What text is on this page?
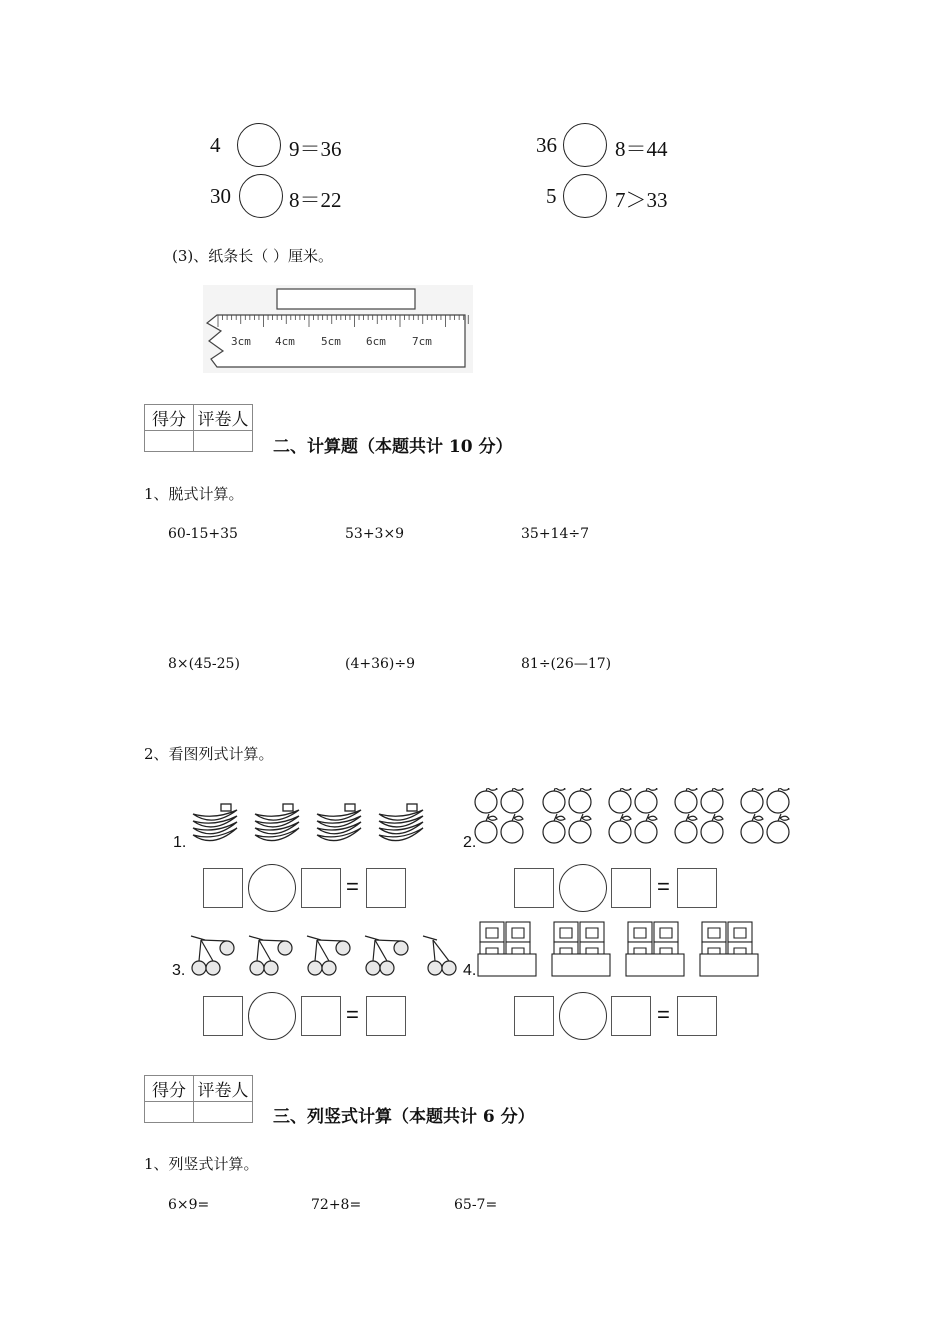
4	9＝36	36	8＝44
30	8＝22	5	7＞33
(3)、纸条长（ ）厘米。
3cm 4cm 5cm 6cm 7cm
得分	评卷人

二、计算题（本题共计 10 分）
1、脱式计算。
60-15+35	53+3×9	35+14÷7
8×(45-25)	(4+36)÷9	81÷(26—17)
2、看图列式计算。
1.	2.
=	=
3.	4.
=	=
得分	评卷人

三、列竖式计算（本题共计 6 分）
1、列竖式计算。
6×9=	72+8=	65-7=
